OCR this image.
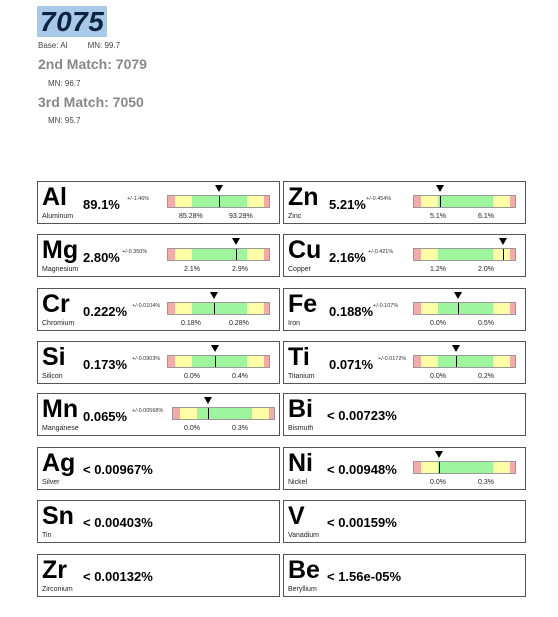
7075
Base: Al	MN: 99.7
2nd Match: 7079
MN: 96.7
3rd Match: 7050
MN: 95.7
Al
Aluminum
89.1% +/-1.46%
85.28%	93.29%
Zn
Zinc
5.21% +/-0.454%
5.1%	6.1%
Mg
Magnesium
2.80% +/-0.350%
2.1%	2.9%
Cu
Copper
2.16% +/-0.421%
1.2%	2.0%
Cr
Chromium
0.222% +/-0.0104%
0.18%	0.28%
Fe
Iron
0.188% +/-0.107%
0.0%	0.5%
Si
Silicon
0.173% +/-0.0903%
0.0%	0.4%
Ti
Titanium
0.071% +/-0.0172%
0.0%	0.2%
Mn
Manganese
0.065% +/-0.00568%
0.0%	0.3%
Bi
Bismuth
< 0.00723%
Ag
Silver
< 0.00967%	Ni
Nickel
< 0.00948%
0.0%	0.3%
Sn
Tin
< 0.00403%	V
Vanadium
< 0.00159%
Zr
Zirconium
< 0.00132%	Be
Beryllium
< 1.56e-05%
